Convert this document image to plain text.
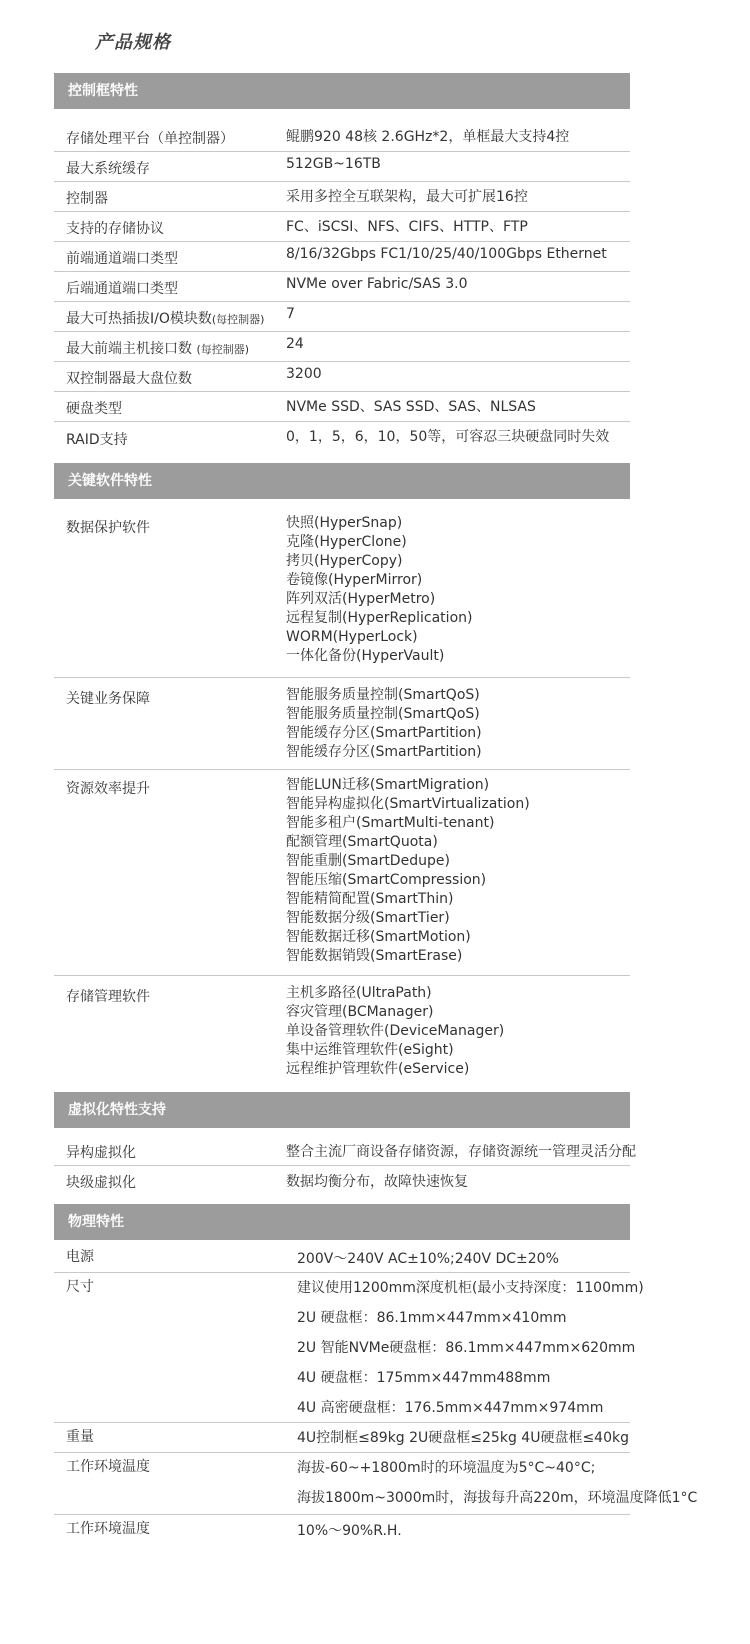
产品规格
控制框特性
存储处理平台（单控制器）	鲲鹏920 48核 2.6GHz*2，单框最大支持4控
最大系统缓存	512GB~16TB
控制器	采用多控全互联架构，最大可扩展16控
支持的存储协议	FC、iSCSI、NFS、CIFS、HTTP、FTP
前端通道端口类型	8/16/32Gbps FC1/10/25/40/100Gbps Ethernet
后端通道端口类型	NVMe over Fabric/SAS 3.0
最大可热插拔I/O模块数(每控制器) 7
最大前端主机接口数 (每控制器)	24
双控制器最大盘位数	3200
硬盘类型	NVMe SSD、SAS SSD、SAS、NLSAS
RAID支持	0，1，5，6，10，50等，可容忍三块硬盘同时失效
关键软件特性
数据保护软件	快照(HyperSnap)
克隆(HyperClone)
拷贝(HyperCopy)
卷镜像(HyperMirror)
阵列双活(HyperMetro)
远程复制(HyperReplication)
WORM(HyperLock)
一体化备份(HyperVault)
关键业务保障	智能服务质量控制(SmartQoS)
智能服务质量控制(SmartQoS)
智能缓存分区(SmartPartition)
智能缓存分区(SmartPartition)
资源效率提升	智能LUN迁移(SmartMigration)
智能异构虚拟化(SmartVirtualization)
智能多租户(SmartMulti-tenant)
配额管理(SmartQuota)
智能重删(SmartDedupe)
智能压缩(SmartCompression)
智能精简配置(SmartThin)
智能数据分级(SmartTier)
智能数据迁移(SmartMotion)
智能数据销毁(SmartErase)
存储管理软件	主机多路径(UltraPath)
容灾管理(BCManager)
单设备管理软件(DeviceManager)
集中运维管理软件(eSight)
远程维护管理软件(eService)
虚拟化特性支持
异构虚拟化	整合主流厂商设备存储资源，存储资源统一管理灵活分配
块级虚拟化	数据均衡分布，故障快速恢复
物理特性
电源	200V～240V AC±10%;240V DC±20%
尺寸	建议使用1200mm深度机柜(最小支持深度：1100mm)
2U 硬盘框：86.1mm×447mm×410mm
2U 智能NVMe硬盘框：86.1mm×447mm×620mm
4U 硬盘框：175mm×447mm488mm
4U 高密硬盘框：176.5mm×447mm×974mm
重量	4U控制框≤89kg 2U硬盘框≤25kg 4U硬盘框≤40kg
工作环境温度	海拔-60~+1800m时的环境温度为5°C~40°C;
海拔1800m~3000m时，海拔每升高220m，环境温度降低1°C
工作环境温度	10%～90%R.H.
